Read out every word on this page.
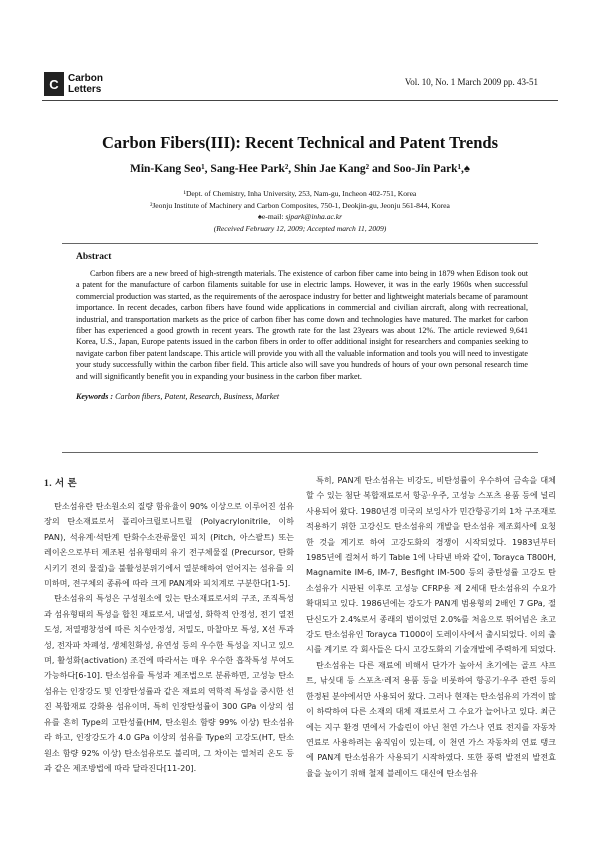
C Carbon
Letters
Vol. 10, No. 1 March 2009 pp. 43-51
Carbon Fibers(III): Recent Technical and Patent Trends
Min-Kang Seo¹, Sang-Hee Park², Shin Jae Kang² and Soo-Jin Park¹,♠
¹Dept. of Chemistry, Inha University, 253, Nam-gu, Incheon 402-751, Korea
²Jeonju Institute of Machinery and Carbon Composites, 750-1, Deokjin-gu, Jeonju 561-844, Korea
♠e-mail: sjpark@inha.ac.kr
(Received February 12, 2009; Accepted march 11, 2009)
Abstract

Carbon fibers are a new breed of high-strength materials. The existence of carbon fiber came into being in 1879 when Edison took out a patent for the manufacture of carbon filaments suitable for use in electric lamps. However, it was in the early 1960s when successful commercial production was started, as the requirements of the aerospace industry for better and lightweight materials became of paramount importance. In recent decades, carbon fibers have found wide applications in commercial and civilian aircraft, along with recreational, industrial, and transportation markets as the price of carbon fiber has come down and technologies have matured. The market for carbon fiber has experienced a good growth in recent years. The growth rate for the last 23years was about 12%. The article reviewed 9,641 Korea, U.S., Japan, Europe patents issued in the carbon fibers in order to offer additional insight for researchers and companies seeking to navigate carbon fiber patent landscape. This article will provide you with all the valuable information and tools you will need to investigate your study successfully within the carbon fiber field. This article also will save you hundreds of hours of your own personal research time and will significantly benefit you in expanding your business in the carbon fiber market.

Keywords : Carbon fibers, Patent, Research, Business, Market
1. 서 론

탄소섬유란 탄소원소의 질량 함유율이 90% 이상으로 이루어진 섬유장의 탄소재료로서 폴리아크릴로니트릴 (Polyacrylonitrile, 이하 PAN), 석유계·석탄계 탄화수소잔류물인 피치 (Pitch, 아스팔트) 또는 레이온으로부터 제조된 섬유형태의 유기 전구체물질 (Precursor, 탄화시키기 전의 물질)을 불활성분위기에서 열분해하여 얻어지는 섬유를 의미하며, 전구체의 종류에 따라 크게 PAN계와 피치계로 구분한다[1-5].

탄소섬유의 특성은 구성원소에 있는 탄소재료로서의 구조, 조직특성과 섬유형태의 특성을 합친 재료로서, 내열성, 화학적 안정성, 전기 열전도성, 저열팽창성에 따른 치수안정성, 저밀도, 마찰마모 특성, X선 투과성, 전자파 차폐성, 생체친화성, 유연성 등의 우수한 특성을 지니고 있으며, 활성화(activation) 조건에 따라서는 매우 우수한 흡착특성 부여도 가능하다[6-10]. 탄소섬유를 특성과 제조법으로 분류하면, 고성능 탄소섬유는 인장강도 및 인장탄성률과 같은 재료의 역학적 특성을 중시한 선진 복합재료 강화용 섬유이며, 특히 인장탄성률이 300 GPa 이상의 섬유를 흔히 Type의 고탄성률(HM, 탄소원소 함량 99% 이상) 탄소섬유라 하고, 인장강도가 4.0 GPa 이상의 섬유를 Type의 고강도(HT, 탄소원소 함량 92% 이상) 탄소섬유로도 불리며, 그 차이는 열처리 온도 등과 같은 제조방법에 따라 달라진다[11-20].

특히, PAN계 탄소섬유는 비강도, 비탄성률이 우수하여 금속을 대체할 수 있는 첨단 복합재료로서 항공·우주, 고성능 스포츠 용품 등에 널리 사용되어 왔다. 1980년경 미국의 보잉사가 민간항공기의 1차 구조재로 적용하기 위한 고강신도 탄소섬유의 개발을 탄소섬유 제조회사에 요청한 것을 계기로 하여 고강도화의 경쟁이 시작되었다. 1983년부터 1985년에 걸쳐서 하기 Table 1에 나타낸 바와 같이, Torayca T800H, Magnamite IM-6, IM-7, Besfight IM-500 등의 중탄성률 고강도 탄소섬유가 시판된 이후로 고성능 CFRP용 제 2세대 탄소섬유의 수요가 확대되고 있다. 1986년에는 강도가 PAN계 범용형의 2배인 7 GPa, 절단신도가 2.4%로서 종래의 범이었던 2.0%를 처음으로 뛰어넘은 초고강도 탄소섬유인 Torayca T1000이 도레이사에서 출시되었다. 이의 출시를 계기로 각 회사들은 다시 고강도화의 기술개발에 주력하게 되었다.

탄소섬유는 다른 재료에 비해서 단가가 높아서 초기에는 골프 샤프트, 낚싯대 등 스포츠·레저 용품 등을 비롯하여 항공기·우주 관련 등의 한정된 분야에서만 사용되어 왔다. 그러나 현재는 탄소섬유의 가격이 많이 하락하여 다른 소재의 대체 재료로서 그 수요가 늘어나고 있다. 최근에는 지구 환경 면에서 가솔린이 아닌 천연 가스나 연료 전지를 자동차 연료로 사용하려는 움직임이 있는데, 이 천연 가스 자동차의 연료 탱크에 PAN계 탄소섬유가 사용되기 시작하였다. 또한 풍력 발전의 발전효율을 높이기 위해 철제 블레이드 대신에 탄소섬유
